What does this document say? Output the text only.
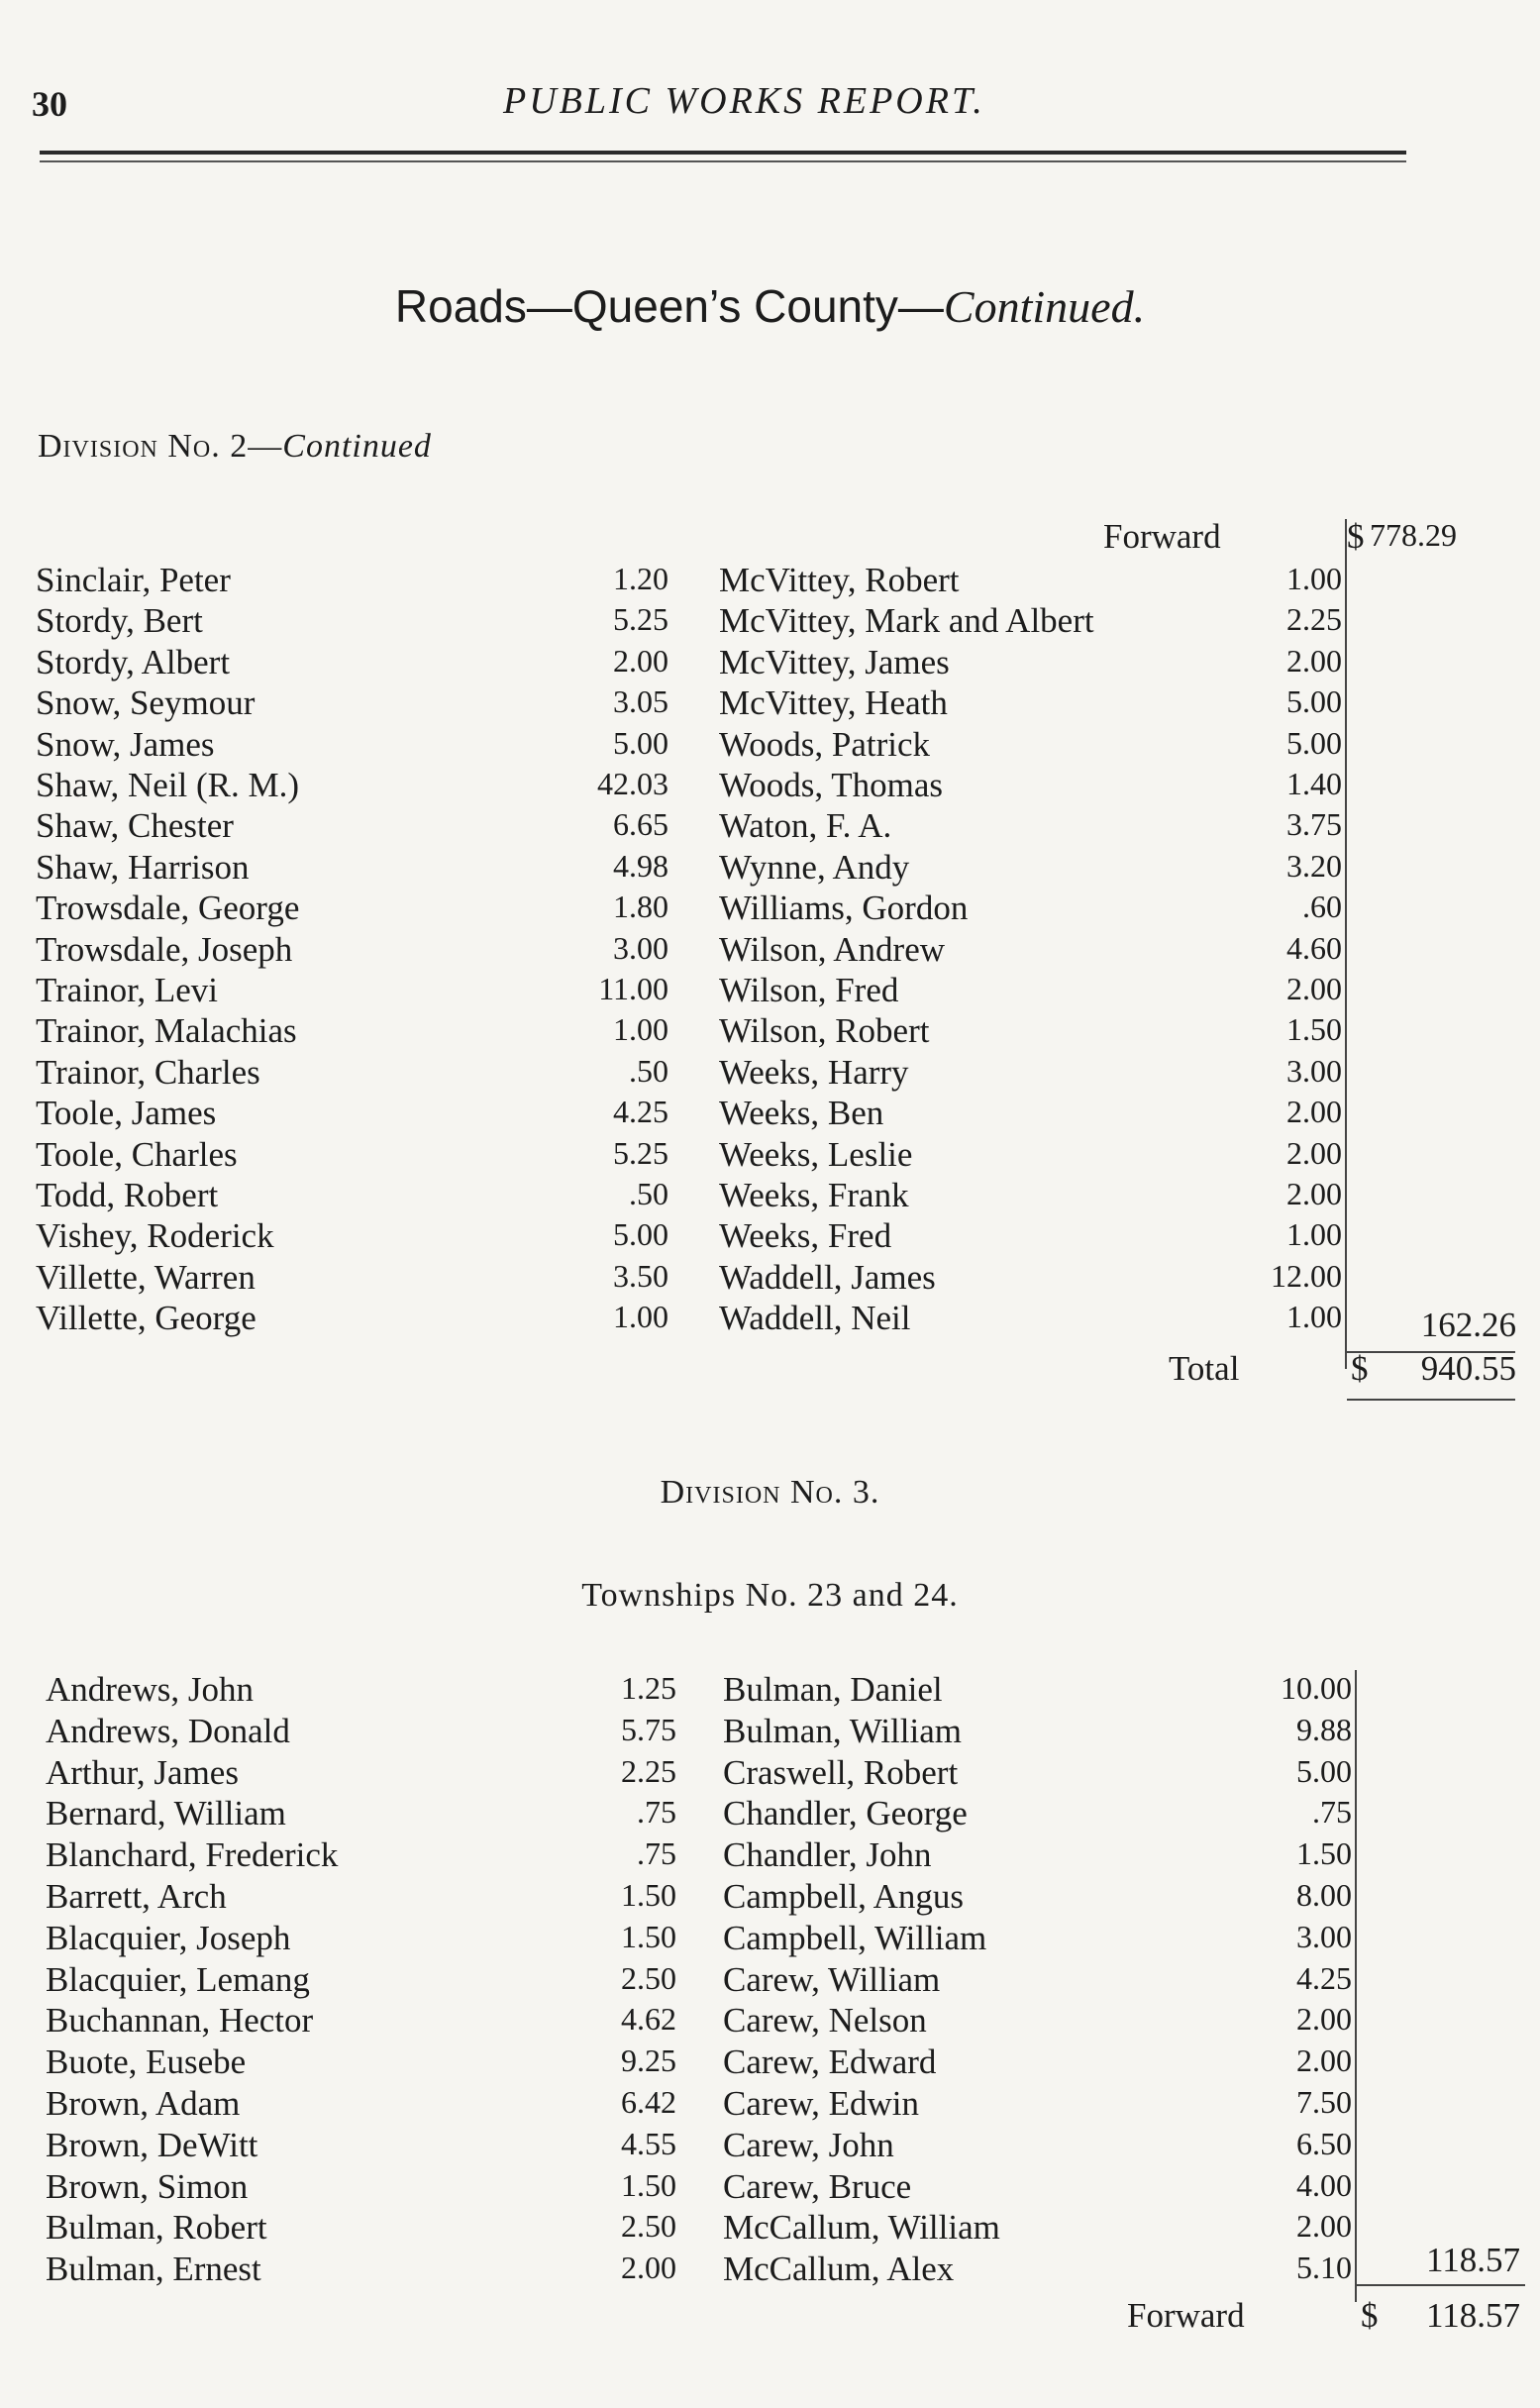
30	PUBLIC WORKS REPORT.
Roads—Queen’s County—Continued.
Division No. 2—Continued
Forward	$ 778.29
Sinclair, Peter	1.20 McVittey, Robert	1.00
Stordy, Bert	5.25 McVittey, Mark and Albert	2.25
Stordy, Albert	2.00 McVittey, James	2.00
Snow, Seymour	3.05 McVittey, Heath	5.00
Snow, James	5.00 Woods, Patrick	5.00
Shaw, Neil (R. M.)	42.03 Woods, Thomas	1.40
Shaw, Chester	6.65 Waton, F. A.	3.75
Shaw, Harrison	4.98 Wynne, Andy	3.20
Trowsdale, George	1.80 Williams, Gordon	.60
Trowsdale, Joseph	3.00 Wilson, Andrew	4.60
Trainor, Levi	11.00 Wilson, Fred	2.00
Trainor, Malachias	1.00 Wilson, Robert	1.50
Trainor, Charles	.50 Weeks, Harry	3.00
Toole, James	4.25 Weeks, Ben	2.00
Toole, Charles	5.25 Weeks, Leslie	2.00
Todd, Robert	.50 Weeks, Frank	2.00
Vishey, Roderick	5.00 Weeks, Fred	1.00
Villette, Warren	3.50 Waddell, James	12.00
Villette, George	1.00 Waddell, Neil	1.00 162.26
Total	$ 940.55
Division No. 3.
Townships No. 23 and 24.
Andrews, John	1.25 Bulman, Daniel	10.00
Andrews, Donald	5.75 Bulman, William	9.88
Arthur, James	2.25 Craswell, Robert	5.00
Bernard, William	.75 Chandler, George	.75
Blanchard, Frederick	.75 Chandler, John	1.50
Barrett, Arch	1.50 Campbell, Angus	8.00
Blacquier, Joseph	1.50 Campbell, William	3.00
Blacquier, Lemang	2.50 Carew, William	4.25
Buchannan, Hector	4.62 Carew, Nelson	2.00
Buote, Eusebe	9.25 Carew, Edward	2.00
Brown, Adam	6.42 Carew, Edwin	7.50
Brown, DeWitt	4.55 Carew, John	6.50
Brown, Simon	1.50 Carew, Bruce	4.00
Bulman, Robert	2.50 McCallum, William	2.00
Bulman, Ernest	2.00 McCallum, Alex	5.10 118.57
Forward	$ 118.57
